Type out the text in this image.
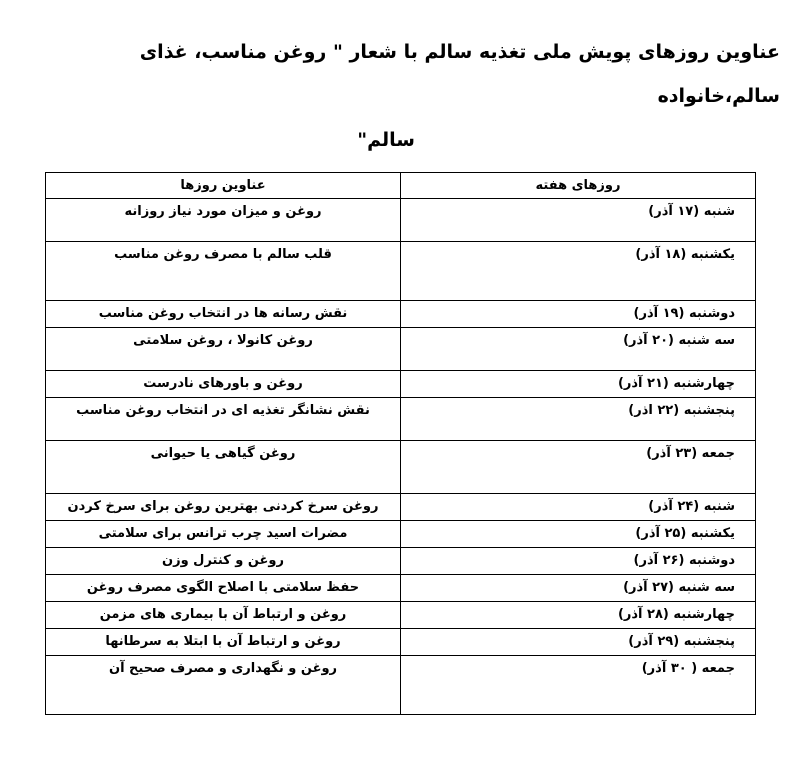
عناوین روزهای پویش ملی تغذیه سالم با شعار " روغن مناسب، غذای سالم،خانواده
سالم"
روزهای هفته	عناوین روزها
شنبه (۱۷ آذر)	روغن و میزان مورد نیاز روزانه
یکشنبه (۱۸ آذر)	قلب سالم با مصرف روغن مناسب
دوشنبه (۱۹ آذر)	نقش رسانه ها در انتخاب روغن مناسب
سه شنبه (۲۰ آذر)	روغن کانولا ، روغن سلامتی
چهارشنبه (۲۱ آذر)	روغن و باورهای نادرست
پنجشنبه (۲۲ اذر)	نقش نشانگر تغذیه ای در انتخاب روغن مناسب
جمعه (۲۳ آذر)	روغن گیاهی یا حیوانی
شنبه (۲۴ آذر)	روغن سرخ کردنی بهترین روغن برای سرخ کردن
یکشنبه (۲۵ آذر)	مضرات اسید چرب ترانس برای سلامتی
دوشنبه (۲۶ آذر)	روغن و کنترل وزن
سه شنبه (۲۷ آذر)	حفظ سلامتی با اصلاح الگوی مصرف روغن
چهارشنبه (۲۸ آذر)	روغن و ارتباط آن با بیماری های مزمن
پنجشنبه (۲۹ آذر)	روغن و ارتباط آن با ابتلا به سرطانها
جمعه ( ۳۰ آذر)	روغن و نگهداری و مصرف صحیح آن
